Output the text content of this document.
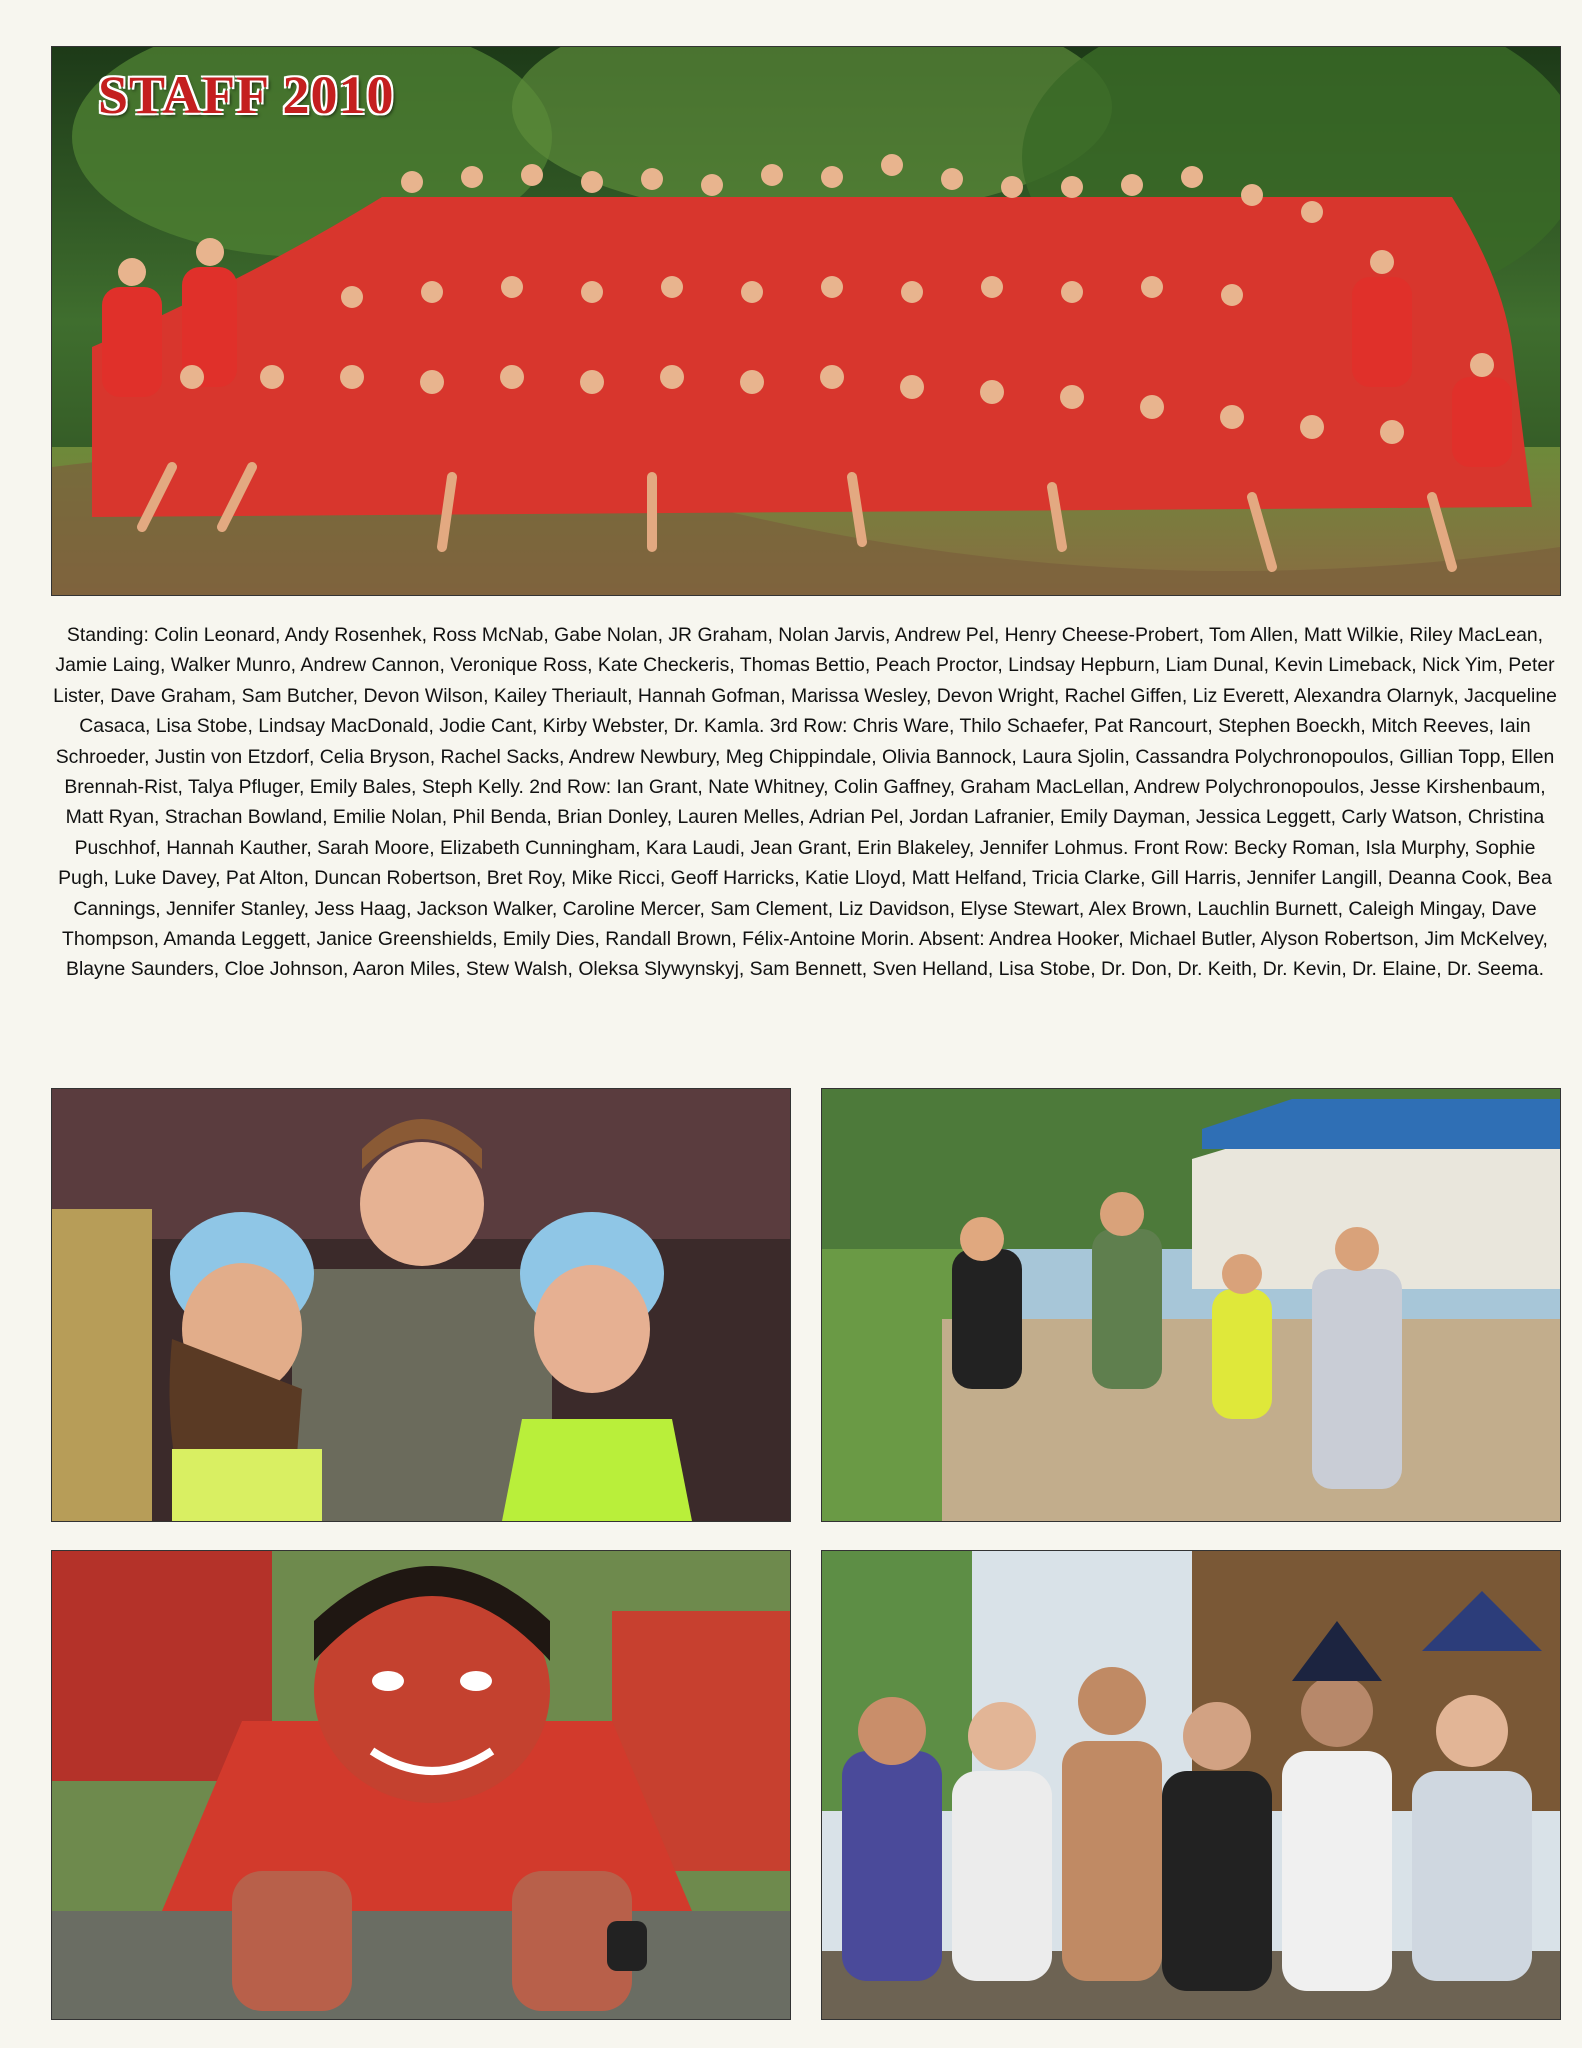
STAFF 2010

Standing: Colin Leonard, Andy Rosenhek, Ross McNab, Gabe Nolan, JR Graham, Nolan Jarvis, Andrew Pel, Henry Cheese-Probert, Tom Allen, Matt Wilkie, Riley MacLean, Jamie Laing, Walker Munro, Andrew Cannon, Veronique Ross, Kate Checkeris, Thomas Bettio, Peach Proctor, Lindsay Hepburn, Liam Dunal, Kevin Limeback, Nick Yim, Peter Lister, Dave Graham, Sam Butcher, Devon Wilson, Kailey Theriault, Hannah Gofman, Marissa Wesley, Devon Wright, Rachel Giffen, Liz Everett, Alexandra Olarnyk, Jacqueline Casaca, Lisa Stobe, Lindsay MacDonald, Jodie Cant, Kirby Webster, Dr. Kamla. 3rd Row: Chris Ware, Thilo Schaefer, Pat Rancourt, Stephen Boeckh, Mitch Reeves, Iain Schroeder, Justin von Etzdorf, Celia Bryson, Rachel Sacks, Andrew Newbury, Meg Chippindale, Olivia Bannock, Laura Sjolin, Cassandra Polychronopoulos, Gillian Topp, Ellen Brennah-Rist, Talya Pfluger, Emily Bales, Steph Kelly. 2nd Row: Ian Grant, Nate Whitney, Colin Gaffney, Graham MacLellan, Andrew Polychronopoulos, Jesse Kirshenbaum, Matt Ryan, Strachan Bowland, Emilie Nolan, Phil Benda, Brian Donley, Lauren Melles, Adrian Pel, Jordan Lafranier, Emily Dayman, Jessica Leggett, Carly Watson, Christina Puschhof, Hannah Kauther, Sarah Moore, Elizabeth Cunningham, Kara Laudi, Jean Grant, Erin Blakeley, Jennifer Lohmus. Front Row: Becky Roman, Isla Murphy, Sophie Pugh, Luke Davey, Pat Alton, Duncan Robertson, Bret Roy, Mike Ricci, Geoff Harricks, Katie Lloyd, Matt Helfand, Tricia Clarke, Gill Harris, Jennifer Langill, Deanna Cook, Bea Cannings, Jennifer Stanley, Jess Haag, Jackson Walker, Caroline Mercer, Sam Clement, Liz Davidson, Elyse Stewart, Alex Brown, Lauchlin Burnett, Caleigh Mingay, Dave Thompson, Amanda Leggett, Janice Greenshields, Emily Dies, Randall Brown, Félix-Antoine Morin. Absent: Andrea Hooker, Michael Butler, Alyson Robertson, Jim McKelvey, Blayne Saunders, Cloe Johnson, Aaron Miles, Stew Walsh, Oleksa Slywynskyj, Sam Bennett, Sven Helland, Lisa Stobe, Dr. Don, Dr. Keith, Dr. Kevin, Dr. Elaine, Dr. Seema.
